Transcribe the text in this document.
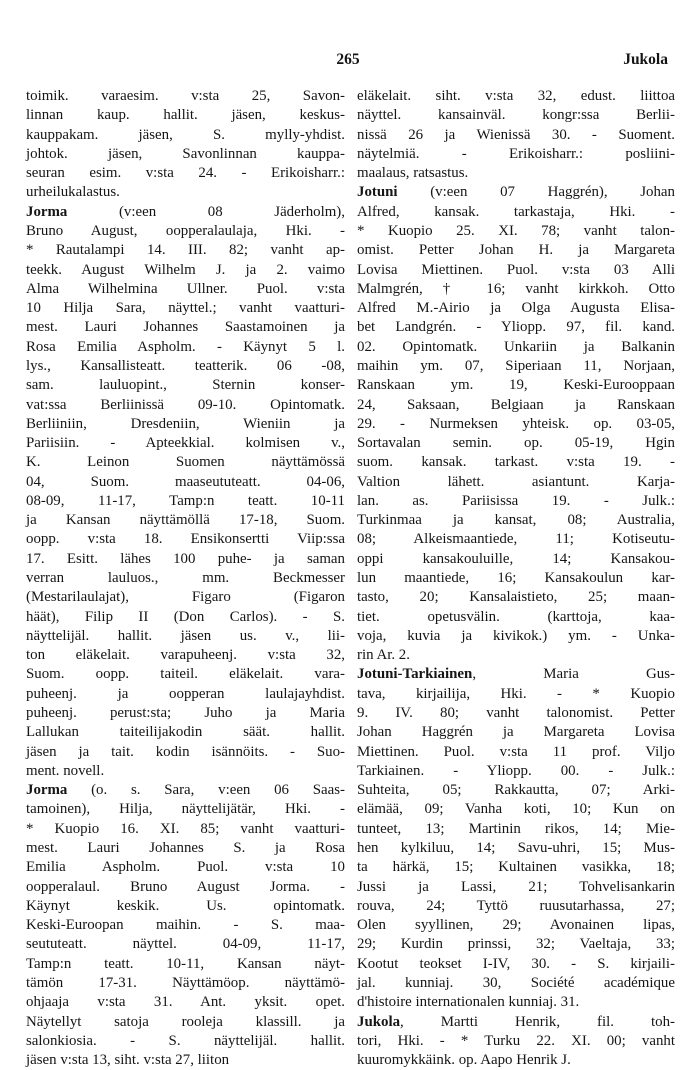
265	Jukola
toimik. varaesim. v:sta 25, Savon-
linnan kaup. hallit. jäsen, keskus-
kauppakam. jäsen, S. mylly-yhdist.
johtok. jäsen, Savonlinnan kauppa-
seuran esim. v:sta 24. - Erikoisharr.:
urheilukalastus.
Jorma (v:een 08 Jäderholm),
Bruno August, oopperalaulaja, Hki. -
* Rautalampi 14. III. 82; vanht ap-
teekk. August Wilhelm J. ja 2. vaimo
Alma Wilhelmina Ullner. Puol. v:sta
10 Hilja Sara, näyttel.; vanht vaatturi-
mest. Lauri Johannes Saastamoinen ja
Rosa Emilia Aspholm. - Käynyt 5 l.
lys., Kansallisteatt. teatterik. 06 -08,
sam. lauluopint., Sternin konser-
vat:ssa Berliinissä 09-10. Opintomatk.
Berliiniin, Dresdeniin, Wieniin ja
Pariisiin. - Apteekkial. kolmisen v.,
K. Leinon Suomen näyttämössä
04, Suom. maaseututeatt. 04-06,
08-09, 11-17, Tamp:n teatt. 10-11
ja Kansan näyttämöllä 17-18, Suom.
oopp. v:sta 18. Ensikonsertti Viip:ssa
17. Esitt. lähes 100 puhe- ja saman
verran lauluos., mm. Beckmesser
(Mestarilaulajat), Figaro (Figaron
häät), Filip II (Don Carlos). - S.
näyttelijäl. hallit. jäsen us. v., lii-
ton eläkelait. varapuheenj. v:sta 32,
Suom. oopp. taiteil. eläkelait. vara-
puheenj. ja oopperan laulajayhdist.
puheenj. perust:sta; Juho ja Maria
Lallukan taiteilijakodin säät. hallit.
jäsen ja tait. kodin isännöits. - Suo-
ment. novell.
Jorma (o. s. Sara, v:een 06 Saas-
tamoinen), Hilja, näyttelijätär, Hki. -
* Kuopio 16. XI. 85; vanht vaatturi-
mest. Lauri Johannes S. ja Rosa
Emilia Aspholm. Puol. v:sta 10
oopperalaul. Bruno August Jorma. -
Käynyt keskik. Us. opintomatk.
Keski-Euroopan maihin. - S. maa-
seututeatt. näyttel. 04-09, 11-17,
Tamp:n teatt. 10-11, Kansan näyt-
tämön 17-31. Näyttämöop. näyttämö-
ohjaaja v:sta 31. Ant. yksit. opet.
Näytellyt satoja rooleja klassill. ja
salonkiosia. - S. näyttelijäl. hallit.
jäsen v:sta 13, siht. v:sta 27, liiton
eläkelait. siht. v:sta 32, edust. liittoa
näyttel. kansainväl. kongr:ssa Berlii-
nissä 26 ja Wienissä 30. - Suoment.
näytelmiä. - Erikoisharr.: posliini-
maalaus, ratsastus.
Jotuni (v:een 07 Haggrén), Johan
Alfred, kansak. tarkastaja, Hki. -
* Kuopio 25. XI. 78; vanht talon-
omist. Petter Johan H. ja Margareta
Lovisa Miettinen. Puol. v:sta 03 Alli
Malmgrén, † 16; vanht kirkkoh. Otto
Alfred M.-Airio ja Olga Augusta Elisa-
bet Landgrén. - Yliopp. 97, fil. kand.
02. Opintomatk. Unkariin ja Balkanin
maihin ym. 07, Siperiaan 11, Norjaan,
Ranskaan ym. 19, Keski-Eurooppaan
24, Saksaan, Belgiaan ja Ranskaan
29. - Nurmeksen yhteisk. op. 03-05,
Sortavalan semin. op. 05-19, Hgin
suom. kansak. tarkast. v:sta 19. -
Valtion lähett. asiantunt. Karja-
lan. as. Pariisissa 19. - Julk.:
Turkinmaa ja kansat, 08; Australia,
08; Alkeismaantiede, 11; Kotiseutu-
oppi kansakouluille, 14; Kansakou-
lun maantiede, 16; Kansakoulun kar-
tasto, 20; Kansalaistieto, 25; maan-
tiet. opetusvälin. (karttoja, kaa-
voja, kuvia ja kivikok.) ym. - Unka-
rin Ar. 2.
Jotuni-Tarkiainen, Maria Gus-
tava, kirjailija, Hki. - * Kuopio
9. IV. 80; vanht talonomist. Petter
Johan Haggrén ja Margareta Lovisa
Miettinen. Puol. v:sta 11 prof. Viljo
Tarkiainen. - Yliopp. 00. - Julk.:
Suhteita, 05; Rakkautta, 07; Arki-
elämää, 09; Vanha koti, 10; Kun on
tunteet, 13; Martinin rikos, 14; Mie-
hen kylkiluu, 14; Savu-uhri, 15; Mus-
ta härkä, 15; Kultainen vasikka, 18;
Jussi ja Lassi, 21; Tohvelisankarin
rouva, 24; Tyttö ruusutarhassa, 27;
Olen syyllinen, 29; Avonainen lipas,
29; Kurdin prinssi, 32; Vaeltaja, 33;
Kootut teokset I-IV, 30. - S. kirjaili-
jal. kunniaj. 30, Société académique
d'histoire internationalen kunniaj. 31.
Jukola, Martti Henrik, fil. toh-
tori, Hki. - * Turku 22. XI. 00; vanht
kuuromykkäink. op. Aapo Henrik J.
